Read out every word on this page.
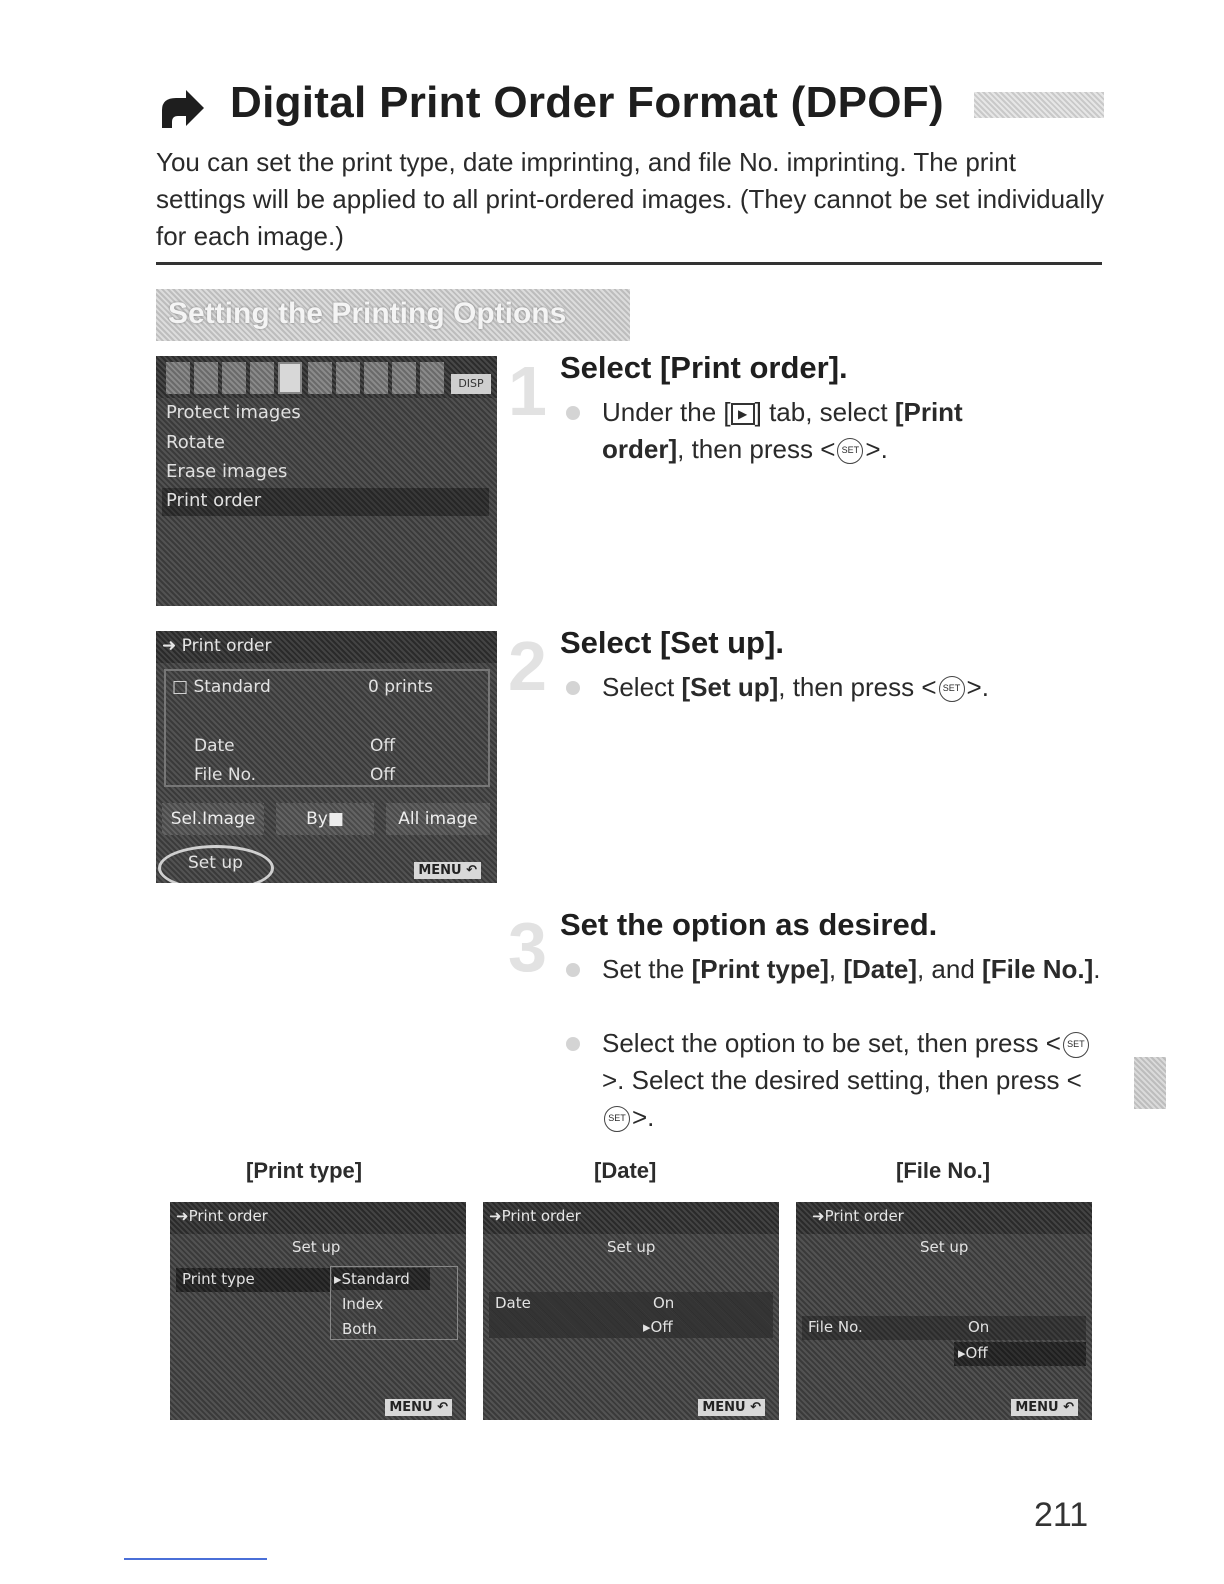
Digital Print Order Format (DPOF)
You can set the print type, date imprinting, and file No. imprinting. The print settings will be applied to all print-ordered images. (They cannot be set individually for each image.)
Setting the Printing Options
DISP
Protect images
Rotate
Erase images
Print order
1 Select [Print order].
Under the [ ▶ ] tab, select [Print order], then press < SET >.
➜ Print order
□ Standard	0 prints
Date	Off
File No.	Off
Sel.Image	By■	All image
Set up	MENU ↶
2 Select [Set up].
Select [Set up], then press < SET >.
3 Set the option as desired.
Set the [Print type], [Date], and [File No.].
Select the option to be set, then press < SET>. Select the desired setting, then press <SET >.
[Print type]	[Date]	[File No.]
➜Print order
Set up
Print type	▸Standard
Index
Both
MENU ↶
➜Print order
Set up
Date	On
▸Off
MENU ↶
➜Print order
Set up
File No.	On
▸Off
MENU ↶
211
